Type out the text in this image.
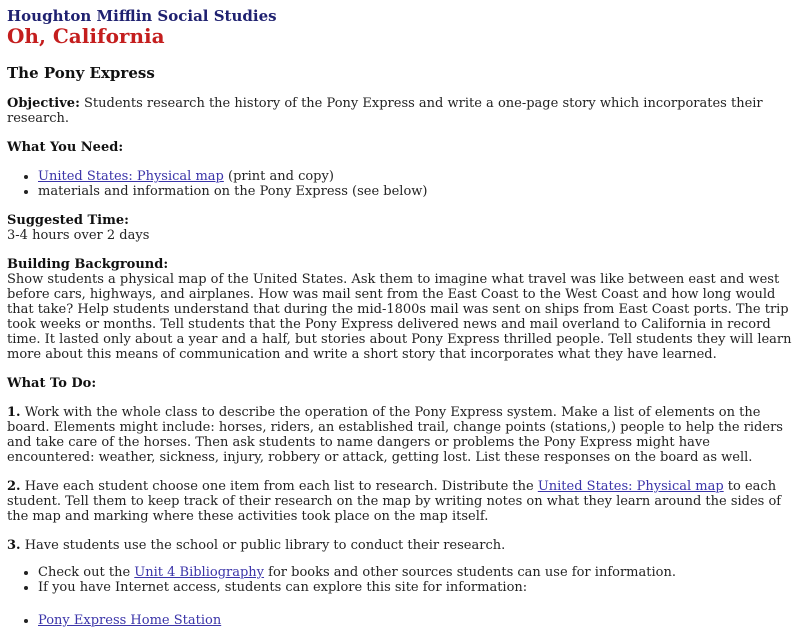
Houghton Mifflin Social Studies
Oh, California
The Pony Express

Objective: Students research the history of the Pony Express and write a one-page story which incorporates their research.

What You Need:
• United States: Physical map (print and copy)
• materials and information on the Pony Express (see below)
Suggested Time:
3-4 hours over 2 days
Building Background:
Show students a physical map of the United States. Ask them to imagine what travel was like between east and west before cars, highways, and airplanes. How was mail sent from the East Coast to the West Coast and how long would that take? Help students understand that during the mid-1800s mail was sent on ships from East Coast ports. The trip took weeks or months. Tell students that the Pony Express delivered news and mail overland to California in record time. It lasted only about a year and a half, but stories about Pony Express thrilled people. Tell students they will learn more about this means of communication and write a short story that incorporates what they have learned.
What To Do:

1. Work with the whole class to describe the operation of the Pony Express system. Make a list of elements on the board. Elements might include: horses, riders, an established trail, change points (stations,) people to help the riders and take care of the horses. Then ask students to name dangers or problems the Pony Express might have encountered: weather, sickness, injury, robbery or attack, getting lost. List these responses on the board as well.

2. Have each student choose one item from each list to research. Distribute the United States: Physical map to each student. Tell them to keep track of their research on the map by writing notes on what they learn around the sides of the map and marking where these activities took place on the map itself.

3. Have students use the school or public library to conduct their research.

• Check out the Unit 4 Bibliography for books and other sources students can use for information.
• If you have Internet access, students can explore this site for information:
• Pony Express Home Station
